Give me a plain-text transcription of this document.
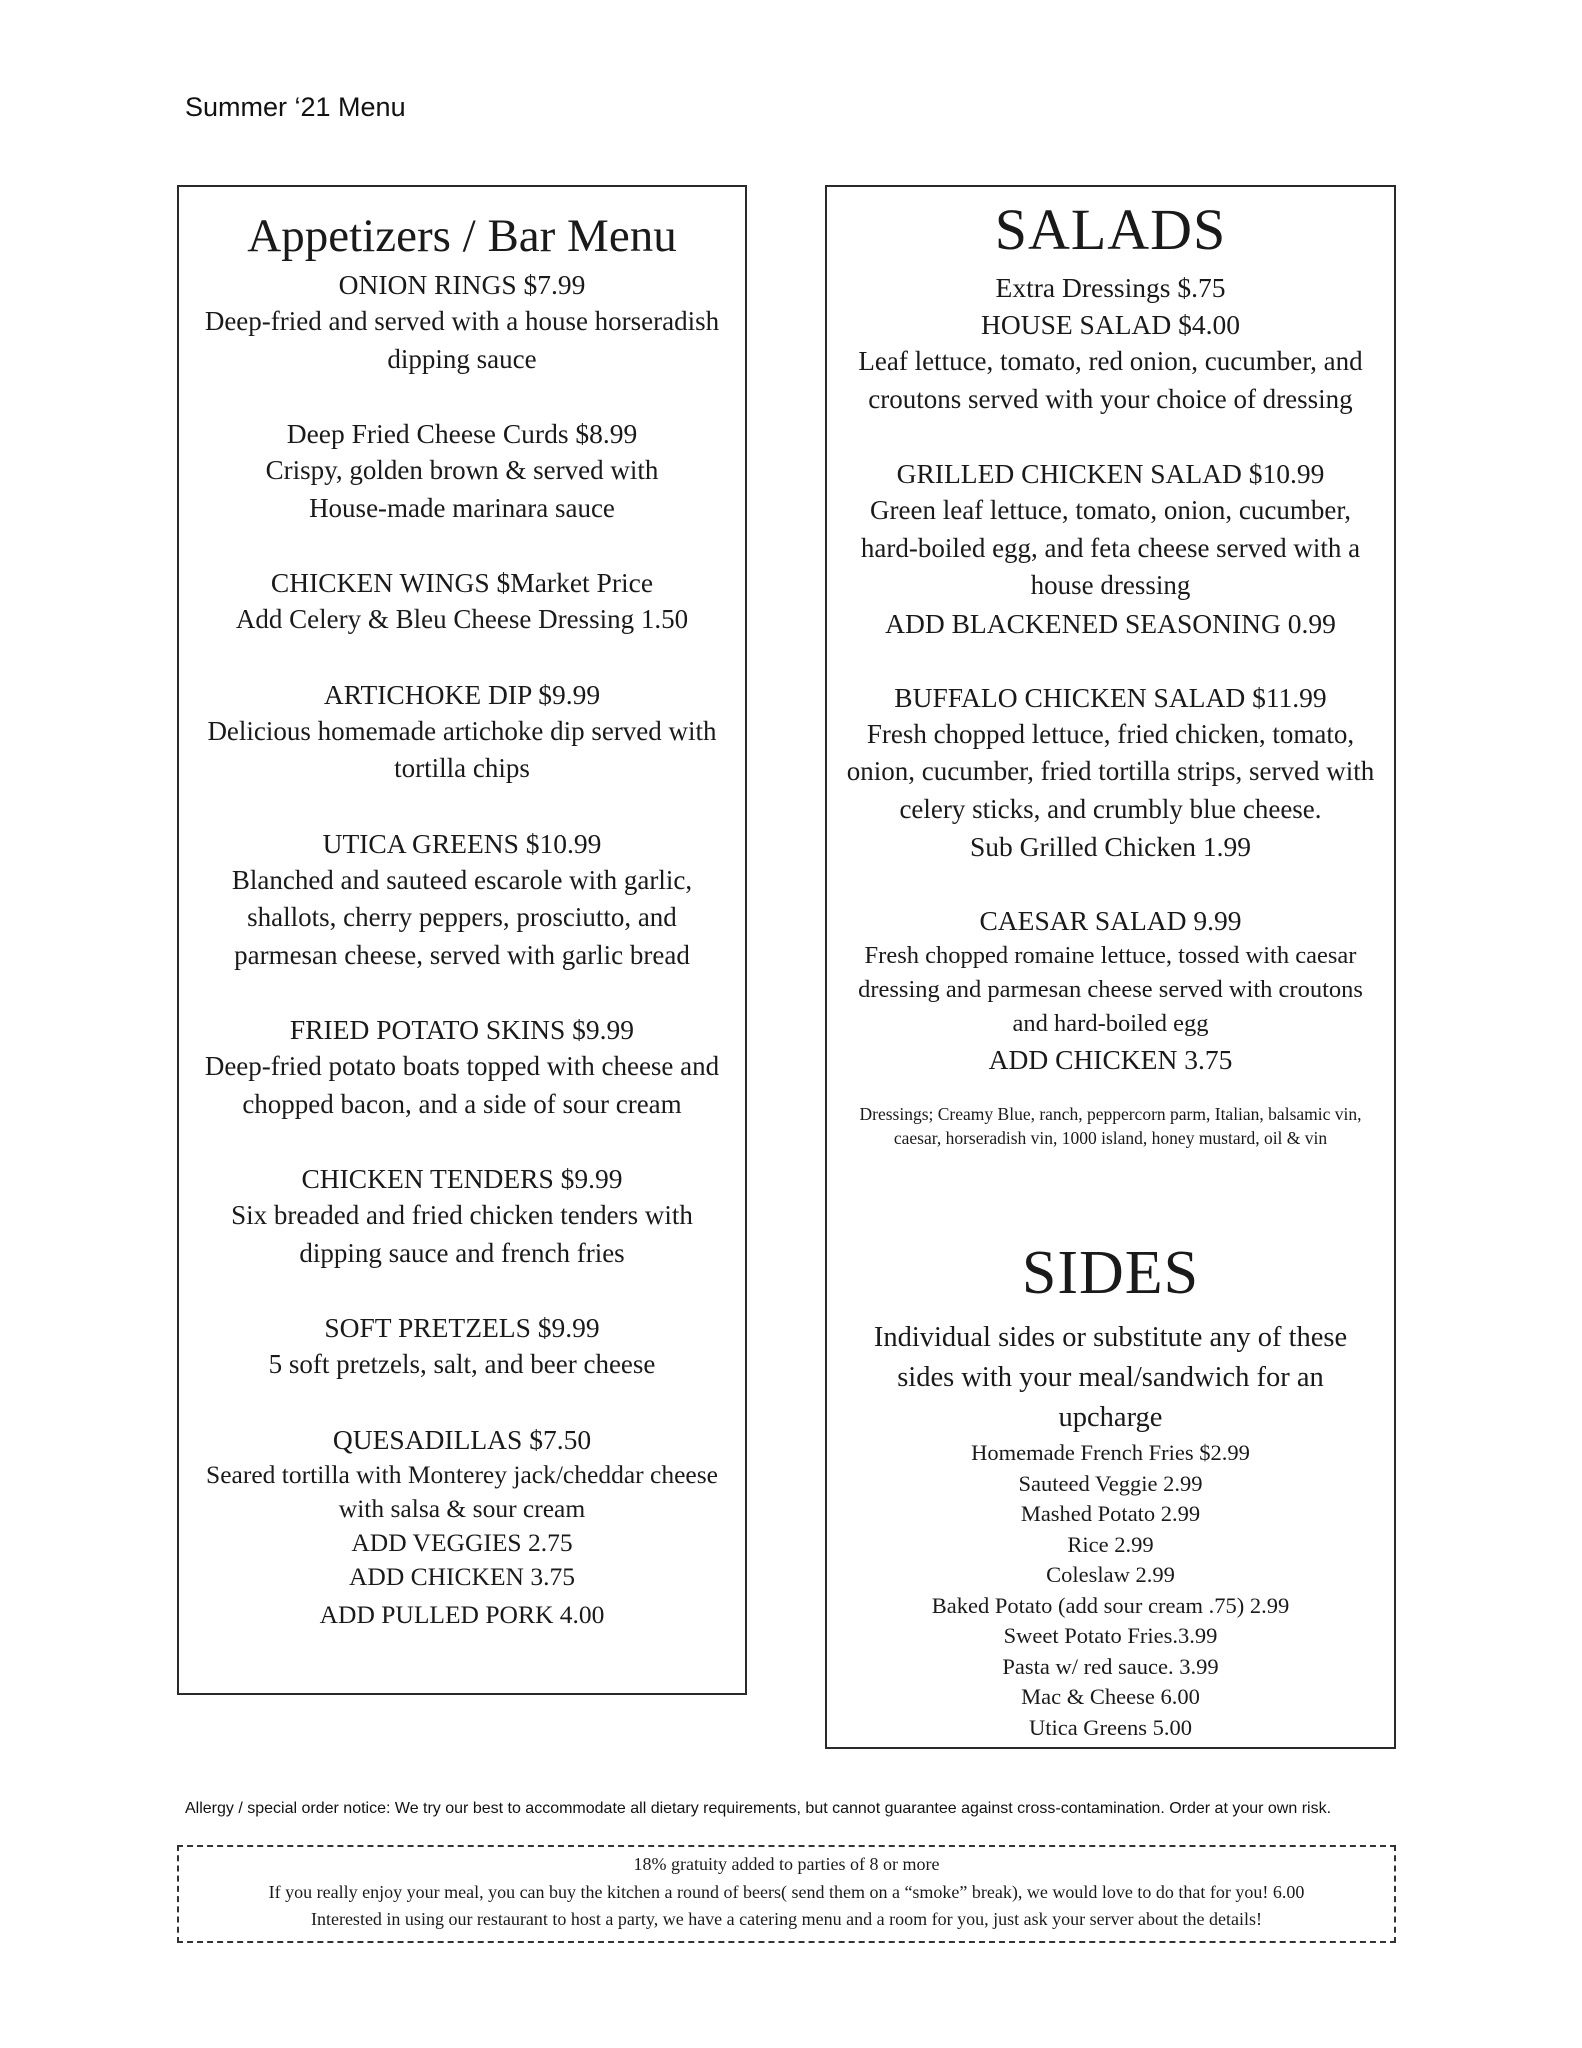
Summer ‘21 Menu
Appetizers / Bar Menu

ONION RINGS $7.99

Deep-fried and served with a house horseradish dipping sauce

Deep Fried Cheese Curds $8.99

Crispy, golden brown & served with House-made marinara sauce

CHICKEN WINGS $Market Price

Add Celery & Bleu Cheese Dressing 1.50

ARTICHOKE DIP $9.99

Delicious homemade artichoke dip served with tortilla chips

UTICA GREENS $10.99

Blanched and sauteed escarole with garlic, shallots, cherry peppers, prosciutto, and parmesan cheese, served with garlic bread

FRIED POTATO SKINS $9.99

Deep-fried potato boats topped with cheese and chopped bacon, and a side of sour cream

CHICKEN TENDERS $9.99

Six breaded and fried chicken tenders with dipping sauce and french fries

SOFT PRETZELS $9.99

5 soft pretzels, salt, and beer cheese

QUESADILLAS $7.50

Seared tortilla with Monterey jack/cheddar cheese with salsa & sour cream

ADD VEGGIES 2.75

ADD CHICKEN 3.75

ADD PULLED PORK 4.00

SALADS

Extra Dressings $.75

HOUSE SALAD $4.00

Leaf lettuce, tomato, red onion, cucumber, and croutons served with your choice of dressing

GRILLED CHICKEN SALAD $10.99

Green leaf lettuce, tomato, onion, cucumber, hard-boiled egg, and feta cheese served with a house dressing

ADD BLACKENED SEASONING 0.99

BUFFALO CHICKEN SALAD $11.99

Fresh chopped lettuce, fried chicken, tomato, onion, cucumber, fried tortilla strips, served with celery sticks, and crumbly blue cheese.

Sub Grilled Chicken 1.99

CAESAR SALAD 9.99

Fresh chopped romaine lettuce, tossed with caesar dressing and parmesan cheese served with croutons and hard-boiled egg

ADD CHICKEN 3.75

Dressings; Creamy Blue, ranch, peppercorn parm, Italian, balsamic vin, caesar, horseradish vin, 1000 island, honey mustard, oil & vin

SIDES

Individual sides or substitute any of these sides with your meal/sandwich for an upcharge

Homemade French Fries $2.99
Sauteed Veggie 2.99
Mashed Potato 2.99
Rice 2.99
Coleslaw 2.99
Baked Potato (add sour cream .75) 2.99
Sweet Potato Fries.3.99
Pasta w/ red sauce. 3.99
Mac & Cheese 6.00
Utica Greens 5.00
Allergy / special order notice: We try our best to accommodate all dietary requirements, but cannot guarantee against cross-contamination. Order at your own risk.

18% gratuity added to parties of 8 or more

If you really enjoy your meal, you can buy the kitchen a round of beers( send them on a “smoke” break), we would love to do that for you! 6.00

Interested in using our restaurant to host a party, we have a catering menu and a room for you, just ask your server about the details!
